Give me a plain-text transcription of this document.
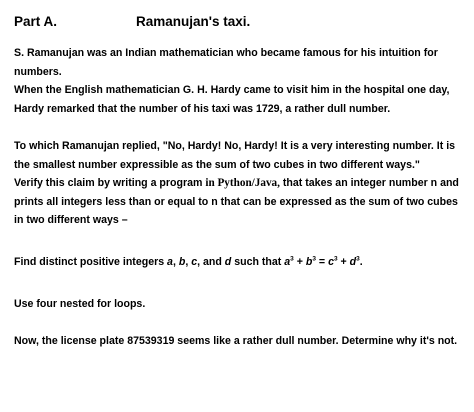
Part A.	Ramanujan's taxi.

S. Ramanujan was an Indian mathematician who became famous for his intuition for numbers.

When the English mathematician G. H. Hardy came to visit him in the hospital one day, Hardy remarked that the number of his taxi was 1729, a rather dull number.

To which Ramanujan replied, "No, Hardy! No, Hardy! It is a very interesting number. It is the smallest number expressible as the sum of two cubes in two different ways."

Verify this claim by writing a program in Python/Java, that takes an integer number n and prints all integers less than or equal to n that can be expressed as the sum of two cubes in two different ways –

Find distinct positive integers a, b, c, and d such that $a^3 + b^3 = c^3 + d^3$.

Use four nested for loops.

Now, the license plate 87539319 seems like a rather dull number. Determine why it's not.
